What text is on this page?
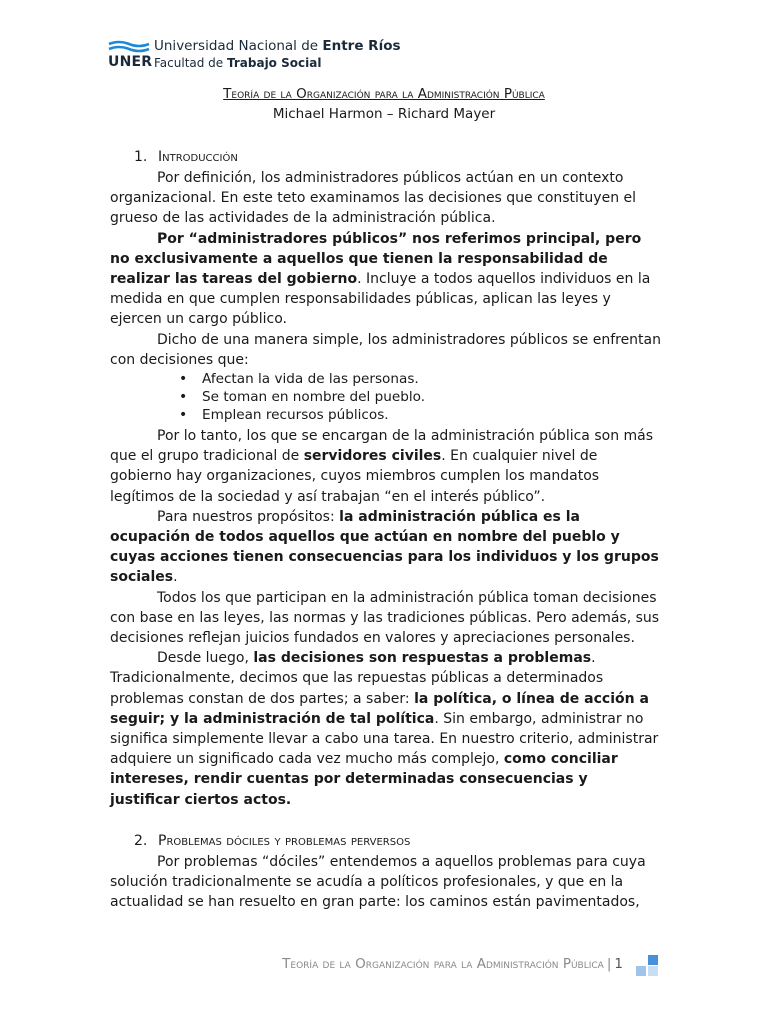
Universidad Nacional de Entre Ríos
UNER Facultad de Trabajo Social
Teoría de la Organización para la Administración Pública
Michael Harmon – Richard Mayer

1. Introducción

Por definición, los administradores públicos actúan en un contexto organizacional. En este teto examinamos las decisiones que constituyen el grueso de las actividades de la administración pública.

Por “administradores públicos” nos referimos principal, pero no exclusivamente a aquellos que tienen la responsabilidad de realizar las tareas del gobierno. Incluye a todos aquellos individuos en la medida en que cumplen responsabilidades públicas, aplican las leyes y ejercen un cargo público.

Dicho de una manera simple, los administradores públicos se enfrentan con decisiones que:

• Afectan la vida de las personas.
• Se toman en nombre del pueblo.
• Emplean recursos públicos.

Por lo tanto, los que se encargan de la administración pública son más que el grupo tradicional de servidores civiles. En cualquier nivel de gobierno hay organizaciones, cuyos miembros cumplen los mandatos legítimos de la sociedad y así trabajan “en el interés público”.

Para nuestros propósitos: la administración pública es la ocupación de todos aquellos que actúan en nombre del pueblo y cuyas acciones tienen consecuencias para los individuos y los grupos sociales.

Todos los que participan en la administración pública toman decisiones con base en las leyes, las normas y las tradiciones públicas. Pero además, sus decisiones reflejan juicios fundados en valores y apreciaciones personales.

Desde luego, las decisiones son respuestas a problemas. Tradicionalmente, decimos que las repuestas públicas a determinados problemas constan de dos partes; a saber: la política, o línea de acción a seguir; y la administración de tal política. Sin embargo, administrar no significa simplemente llevar a cabo una tarea. En nuestro criterio, administrar adquiere un significado cada vez mucho más complejo, como conciliar intereses, rendir cuentas por determinadas consecuencias y justificar ciertos actos.

2. Problemas dóciles y problemas perversos

Por problemas “dóciles” entendemos a aquellos problemas para cuya solución tradicionalmente se acudía a políticos profesionales, y que en la actualidad se han resuelto en gran parte: los caminos están pavimentados,

Teoría de la Organización para la Administración Pública | 1
